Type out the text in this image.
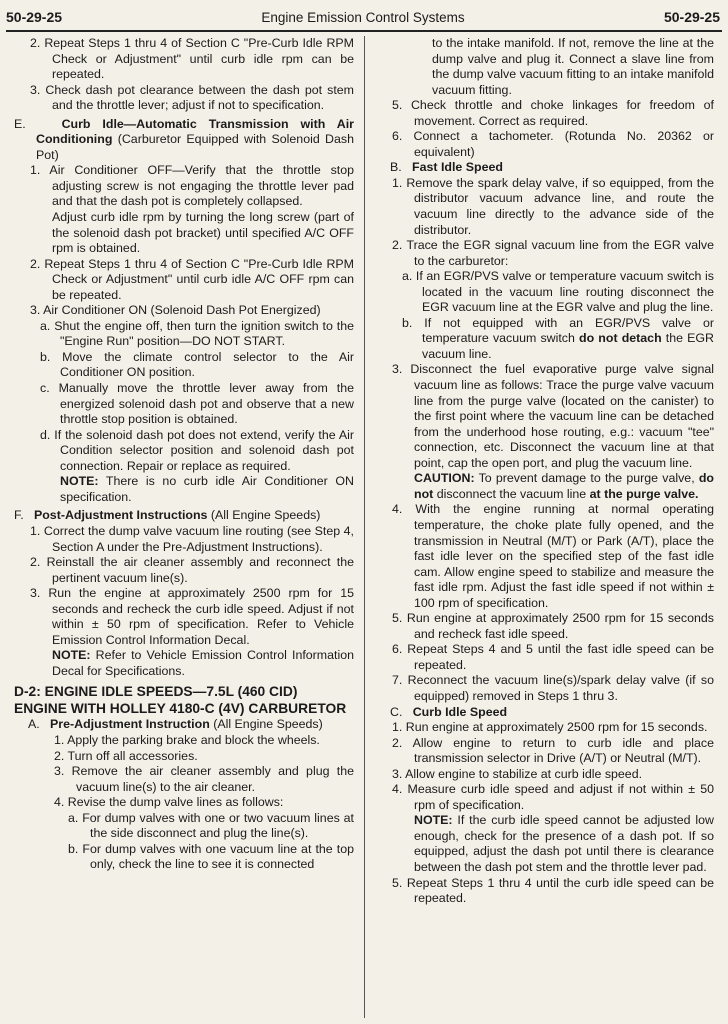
50-29-25	Engine Emission Control Systems	50-29-25

2. Repeat Steps 1 thru 4 of Section C "Pre-Curb Idle RPM Check or Adjustment" until curb idle rpm can be repeated.

3. Check dash pot clearance between the dash pot stem and the throttle lever; adjust if not to specification.

E.	Curb Idle—Automatic Transmission with Air Conditioning (Carburetor Equipped with Solenoid Dash Pot)

1. Air Conditioner OFF—Verify that the throttle stop adjusting screw is not engaging the throttle lever pad and that the dash pot is completely collapsed.

Adjust curb idle rpm by turning the long screw (part of the solenoid dash pot bracket) until specified A/C OFF rpm is obtained.

2. Repeat Steps 1 thru 4 of Section C "Pre-Curb Idle RPM Check or Adjustment" until curb idle A/C OFF rpm can be repeated.

3. Air Conditioner ON (Solenoid Dash Pot Energized)

a. Shut the engine off, then turn the ignition switch to the "Engine Run" position—DO NOT START.

b. Move the climate control selector to the Air Conditioner ON position.

c. Manually move the throttle lever away from the energized solenoid dash pot and observe that a new throttle stop position is obtained.

d. If the solenoid dash pot does not extend, verify the Air Condition selector position and solenoid dash pot connection. Repair or replace as required.

NOTE: There is no curb idle Air Conditioner ON specification.

F. Post-Adjustment Instructions (All Engine Speeds)

1. Correct the dump valve vacuum line routing (see Step 4, Section A under the Pre-Adjustment Instructions).

2. Reinstall the air cleaner assembly and reconnect the pertinent vacuum line(s).

3. Run the engine at approximately 2500 rpm for 15 seconds and recheck the curb idle speed. Adjust if not within ± 50 rpm of specification. Refer to Vehicle Emission Control Information Decal.

NOTE: Refer to Vehicle Emission Control Information Decal for Specifications.

D-2: ENGINE IDLE SPEEDS—7.5L (460 CID) ENGINE WITH HOLLEY 4180-C (4V) CARBURETOR

A. Pre-Adjustment Instruction (All Engine Speeds)

1. Apply the parking brake and block the wheels.

2. Turn off all accessories.

3. Remove the air cleaner assembly and plug the vacuum line(s) to the air cleaner.

4. Revise the dump valve lines as follows:

a. For dump valves with one or two vacuum lines at the side disconnect and plug the line(s).

b. For dump valves with one vacuum line at the top only, check the line to see it is connected

to the intake manifold. If not, remove the line at the dump valve and plug it. Connect a slave line from the dump valve vacuum fitting to an intake manifold vacuum fitting.

5. Check throttle and choke linkages for freedom of movement. Correct as required.

6. Connect a tachometer. (Rotunda No. 20362 or equivalent)

B. Fast Idle Speed

1. Remove the spark delay valve, if so equipped, from the distributor vacuum advance line, and route the vacuum line directly to the advance side of the distributor.

2. Trace the EGR signal vacuum line from the EGR valve to the carburetor:

a. If an EGR/PVS valve or temperature vacuum switch is located in the vacuum line routing disconnect the EGR vacuum line at the EGR valve and plug the line.

b. If not equipped with an EGR/PVS valve or temperature vacuum switch do not detach the EGR vacuum line.

3. Disconnect the fuel evaporative purge valve signal vacuum line as follows: Trace the purge valve vacuum line from the purge valve (located on the canister) to the first point where the vacuum line can be detached from the underhood hose routing, e.g.: vacuum "tee" connection, etc. Disconnect the vacuum line at that point, cap the open port, and plug the vacuum line.

CAUTION: To prevent damage to the purge valve, do not disconnect the vacuum line at the purge valve.

4. With the engine running at normal operating temperature, the choke plate fully opened, and the transmission in Neutral (M/T) or Park (A/T), place the fast idle lever on the specified step of the fast idle cam. Allow engine speed to stabilize and measure the fast idle rpm. Adjust the fast idle speed if not within ± 100 rpm of specification.

5. Run engine at approximately 2500 rpm for 15 seconds and recheck fast idle speed.

6. Repeat Steps 4 and 5 until the fast idle speed can be repeated.

7. Reconnect the vacuum line(s)/spark delay valve (if so equipped) removed in Steps 1 thru 3.

C. Curb Idle Speed

1. Run engine at approximately 2500 rpm for 15 seconds.

2. Allow engine to return to curb idle and place transmission selector in Drive (A/T) or Neutral (M/T).

3. Allow engine to stabilize at curb idle speed.

4. Measure curb idle speed and adjust if not within ± 50 rpm of specification.

NOTE: If the curb idle speed cannot be adjusted low enough, check for the presence of a dash pot. If so equipped, adjust the dash pot until there is clearance between the dash pot stem and the throttle lever pad.

5. Repeat Steps 1 thru 4 until the curb idle speed can be repeated.
